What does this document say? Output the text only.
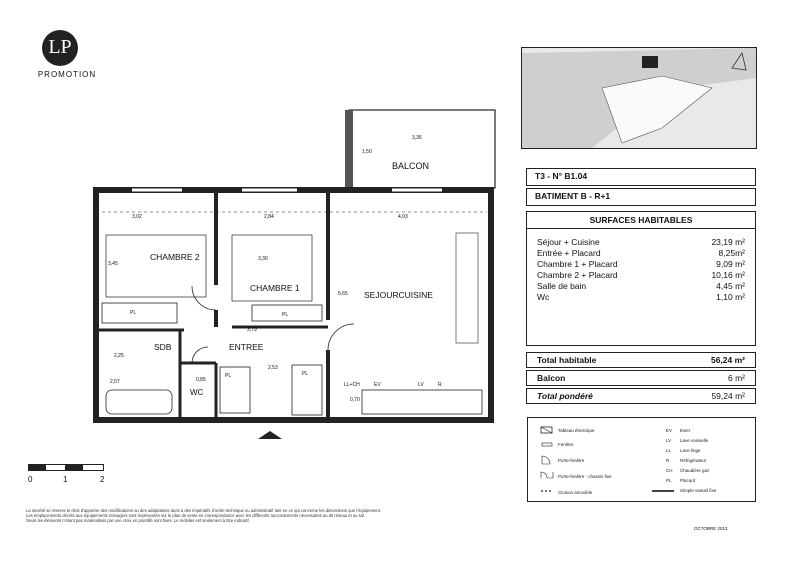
LP
PROMOTION
BALCON
CHAMBRE 2
CHAMBRE 1
SEJOURCUISINE
SDB	ENTREE
WC
3,36
1,50
3,02	2,84	4,03
3,45
3,30
5,65
3,79
2,25
2,53
2,07	0,85
0,70
PL	PL
PL	PL
LL+CH	EV	LV	R
T3 - N° B1.04
BATIMENT B - R+1
SURFACES HABITABLES
Séjour + Cuisine	23,19 m²
Entrée + Placard	8,25m²
Chambre 1 + Placard	9,09 m²
Chambre 2 + Placard	10,16 m²
Salle de bain	4,45 m²
Wc	1,10 m²
Total habitable	56,24 m²
Balcon	6 m²
Total pondéré	59,24 m²
Tableau électrique
Fenêtre
Porte-fenêtre
Porte-fenêtre - chassis fixe
Cloison amovible
EV Evier
LV Lave vaisselle
LL Lave linge
R Réfrigérateur
CH Chaudière gaz
PL Placard
Simple vantail fixe
0	1	2
La société se réserve le droit d'apporter des modifications ou des adaptations dues à des impératifs d'ordre technique ou administratif tant en ce qui concerne les dimensions que l'équipement.
Les emplacements décrits aux équipements ménagers sont représentés sur le plan de vente en correspondance avec les différents raccordements nécessaires au dit réseau et au sol.
Seuls les éléments n'étant pas matérialisés par une croix en pointillé sont fixes. Le mobilier est seulement à titre indicatif.
OCTOBRE 2013
